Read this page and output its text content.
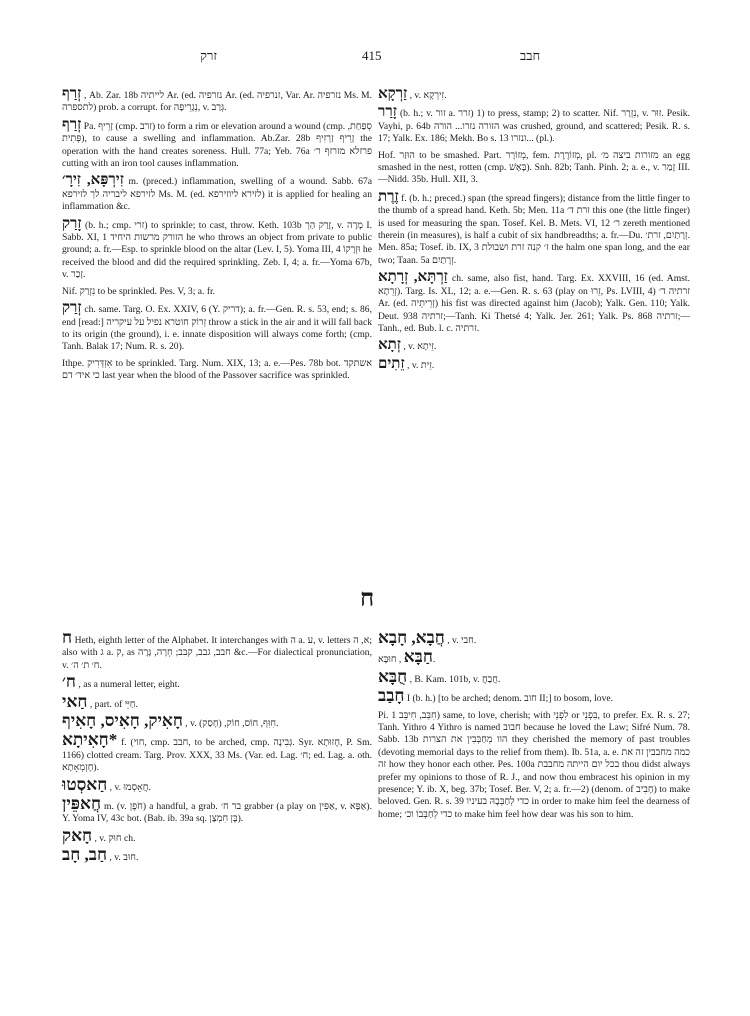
זרק	415	חבב

זְרַף , Ab. Zar. 18b לייתיה Ar. (ed. נזרפיה Ar. (ed. זנרפיה, Var. Ar. נזרפיה Ms. M. לתספרה) prob. a corrupt. for נְגָרֵיפָה, v. גְּרַב.

זְרַף Pa. זָרֵיף (cmp. זרב) to form a rim or elevation around a wound (cmp. סְפַחַת, פְּתִית), to cause a swelling and inflammation. Ab.Zar. 28b זָרֵיף זַרְזִיף the operation with the hand creates soreness. Hull. 77a; Yeb. 76a פרזלא מזרזף ר׳ cutting with an iron tool causes inflammation.

זִירְפָּא, זִירָ׳ m. (preced.) inflammation, swelling of a wound. Sabb. 67a לזירפא ליבריה לך לזירפא Ms. M. (ed. לזירא ליוזירפא) it is applied for healing an inflammation &c.

זָרַק (b. h.; cmp. זרי) to sprinkle; to cast, throw. Keth. 103b זָרַק הַרְ, v. מָרָה I. Sabb. XI, 1 הזורק מרשות היחיד he who throws an object from private to public ground; a. fr.—Esp. to sprinkle blood on the altar (Lev. I, 5). Yoma III, 4 וּזְרָקוֹ he received the blood and did the required sprinkling. Zeb. I, 4; a. fr.—Yoma 67b, v. זָכַר.

Nif. נִזְרַק to be sprinkled. Pes. V, 3; a. fr.

זְרַק ch. same. Targ. O. Ex. XXIV, 6 (Y. דריק); a. fr.—Gen. R. s. 53, end; s. 86, end [read:] זְרוֹק חוטרא נפיל על עיקריה throw a stick in the air and it will fall back to its origin (the ground), i. e. innate disposition will always come forth; (cmp. Tanh. Balak 17; Num. R. s. 20).

Ithpe. אִזְדְּרִיק to be sprinkled. Targ. Num. XIX, 13; a. e.—Pes. 78b bot. אשתקד כי איד׳ דם last year when the blood of the Passover sacrifice was sprinkled.

זַרְקָא , v. זִירְקָא.

זָרַר (b. h.; v. זור a. זרר) 1) to press, stamp; 2) to scatter. Nif. נִזְרַר, v. זוּר. Pesik. Vayhi, p. 64b הזורה נזרו... הורה was crushed, ground, and scattered; Pesik. R. s. 17; Yalk. Ex. 186; Mekh. Bo s. 13 ונזרו... (pl.).

Hof. הוּזַר to be smashed. Part. מְזוֹרָר, fem. מְזוֹרֶרֶת, pl. מזורות ביצה מ׳ an egg smashed in the nest, rotten (cmp. בָּאָשׁ). Snh. 82b; Tanh. Pinh. 2; a. e., v. זָמַר III.—Nidd. 35b. Hull. XII, 3.

זֶרֶת f. (b. h.; preced.) span (the spread fingers); distance from the little finger to the thumb of a spread hand. Keth. 5b; Men. 11a זרת ד׳ this one (the little finger) is used for measuring the span. Tosef. Kel. B. Mets. VI, 12 ר׳ zereth mentioned therein (in measures), is half a cubit of six handbreadths; a. fr.—Du. זְרָתַיִם, זרת׳. Men. 85a; Tosef. ib. IX, 3 ז׳ קנה זרת ושבולת the halm one span long, and the ear two; Taan. 5a זְרָתַיִם.

זַרְתָּא, זְרָתָא ch. same, also fist, hand. Targ. Ex. XXVIII, 16 (ed. Amst. זְרֵתָא). Targ. Is. XL, 12; a. e.—Gen. R. s. 63 (play on זֵרוּ, Ps. LVIII, 4) זרתיה ד׳ Ar. (ed. זְרֵיתֵיה) his fist was directed against him (Jacob); Yalk. Gen. 110; Yalk. Deut. 938 זרתיה;—Tanh. Ki Thetsé 4; Yalk. Jer. 261; Yalk. Ps. 868 זרתיה;—Tanh., ed. Bub. l. c. זרתיה.

זְתָא , v. זֵיתָא.

זֵתִים , v. זֵית.

ח

ח Heth, eighth letter of the Alphabet. It interchanges with ה a. ע, v. letters א, ה; also with ג a. ק, as חבב, גבב, קבב; חְרָה, גָּרָה &c.—For dialectical pronunciation, v. ח׳ ת׳ ה׳.

ח׳ , as a numeral letter, eight.

חַאי , part. of חַיֵּי.

חָאִיק, חָאִיס, חָאִיף , v. חִוִּף, חוֹס, חוֹק, (חָסַק).

*חָאִיתָא f. (חוי, cmp. חבב, to be arched, cmp. גְּבִינָה. Syr. חֶזוּתָא, P. Sm. 1166) clotted cream. Targ. Prov. XXX, 33 Ms. (Var. ed. Lag. ח׳; ed. Lag. a. oth. חֶזְמְאָתָא).

חַאסְטוּ , v. חֲאָסְמוּ.

חֲאפֵּין m. (v. חֹפֶן) a handful, a grab. בר ח׳ grabber (a play on אַפִּין, v. אַפָּא). Y. Yoma IV, 43c bot. (Bab. ib. 39a sq. בֶּן חִמְצָן).

חָאק , v. חוּק ch.

חַב, חָב , v. חוּב.

חֲבָא, חָבָא , v. חבי.

חַבָּא , חוּבָּא.

חֻבָּא , B. Kam. 101b, v. חֲבַחֲ.

חָבַב I (b. h.) [to be arched; denom. חוב II;] to bosom, love.

Pi. חִבֵּב, חִיבֵּב 1) same, to love, cherish; with לִפְנֵי or בִּפְנֵי, to prefer. Ex. R. s. 27; Tanh. Yithro 4 Yithro is named חבוב because he loved the Law; Sifré Num. 78. Sabb. 13b הוו מְחַבְּבִין את הצרות they cherished the memory of past troubles (devoting memorial days to the relief from them). Ib. 51a, a. e. כמה מחבבין זה את זה how they honor each other. Pes. 100a בכל יום הייתה מחבבת thou didst always prefer my opinions to those of R. J., and now thou embracest his opinion in my presence; Y. ib. X, beg. 37b; Tosef. Ber. V, 2; a. fr.—2) (denom. of חָבִיב) to make beloved. Gen. R. s. 39 כדי לְחַבְּבָהּ בעיניו in order to make him feel the dearness of home; כדי לְחַבְּבוֹ וכ׳ to make him feel how dear was his son to him.
